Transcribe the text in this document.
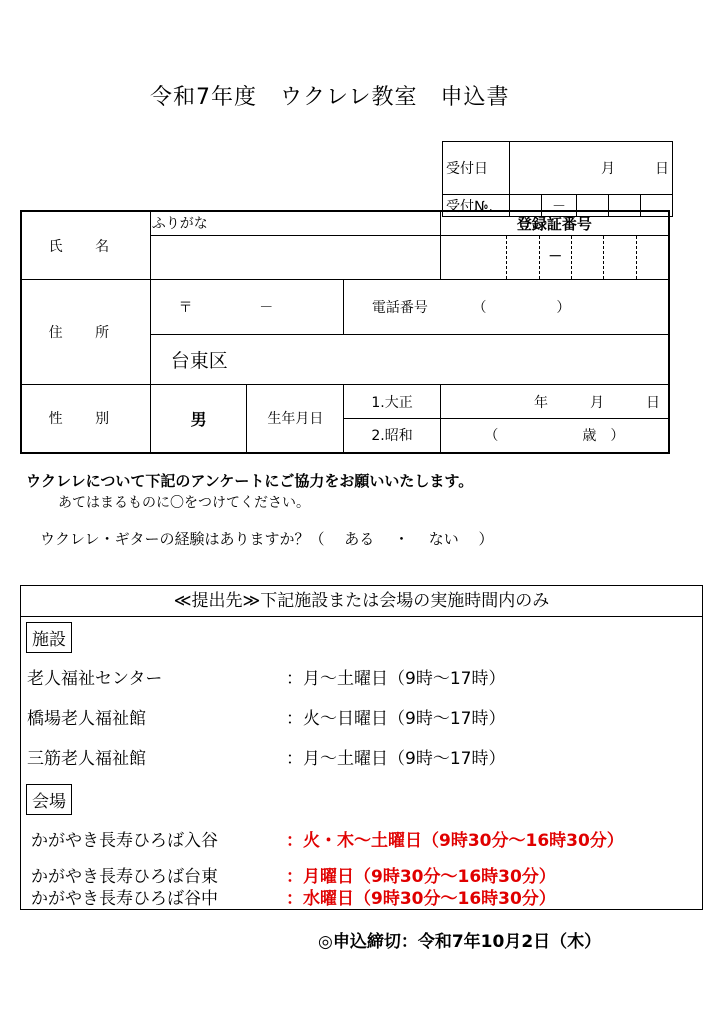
令和7年度　ウクレレ教室　申込書
受付日	月 日				

受付№.		－			
氏 名	ふりがな			登録証番号

				－

住 所	〒 －		電話番号 （　　　　　）	

	台東区			
性 別	男	生年月日	1.大正	年　　　月　　　日
			2.昭和	（　　　　　　歳　）
ウクレレについて下記のアンケートにご協力をお願いいたします。
あてはまるものに〇をつけてください。
ウクレレ・ギターの経験はありますか？（　 ある　 ・　 ない　 ）
≪提出先≫下記施設または会場の実施時間内のみ
施設
老人福祉センター	：月～土曜日（9時～17時）
橋場老人福祉館	：火～日曜日（9時～17時）
三筋老人福祉館	：月～土曜日（9時～17時）
会場
かがやき長寿ひろば入谷	：火・木～土曜日（9時30分～16時30分）
かがやき長寿ひろば台東	：月曜日（9時30分～16時30分）
かがやき長寿ひろば谷中	：水曜日（9時30分～16時30分）
◎申込締切：令和7年10月2日（木）
